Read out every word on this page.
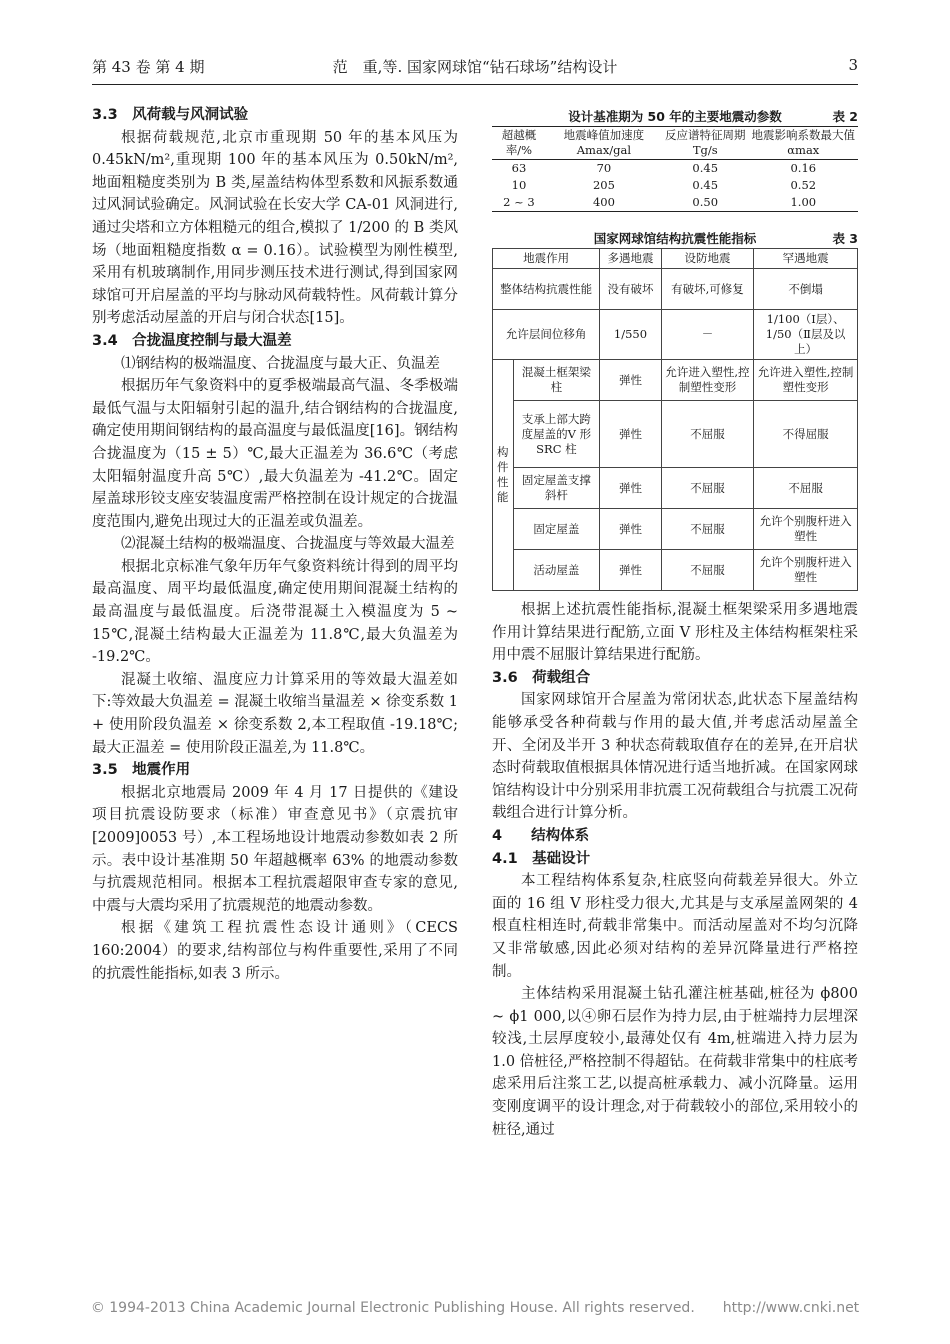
第 43 卷 第 4 期	范　重,等. 国家网球馆“钻石球场”结构设计	3
3.3　风荷载与风洞试验

根据荷载规范,北京市重现期 50 年的基本风压为 0.45kN/m²,重现期 100 年的基本风压为 0.50kN/m²,地面粗糙度类别为 B 类,屋盖结构体型系数和风振系数通过风洞试验确定。风洞试验在长安大学 CA-01 风洞进行,通过尖塔和立方体粗糙元的组合,模拟了 1/200 的 B 类风场（地面粗糙度指数 α = 0.16）。试验模型为刚性模型,采用有机玻璃制作,用同步测压技术进行测试,得到国家网球馆可开启屋盖的平均与脉动风荷载特性。风荷载计算分别考虑活动屋盖的开启与闭合状态[15]。

3.4　合拢温度控制与最大温差

⑴钢结构的极端温度、合拢温度与最大正、负温差

根据历年气象资料中的夏季极端最高气温、冬季极端最低气温与太阳辐射引起的温升,结合钢结构的合拢温度,确定使用期间钢结构的最高温度与最低温度[16]。钢结构合拢温度为（15 ± 5）℃,最大正温差为 36.6℃（考虑太阳辐射温度升高 5℃）,最大负温差为 -41.2℃。固定屋盖球形铰支座安装温度需严格控制在设计规定的合拢温度范围内,避免出现过大的正温差或负温差。

⑵混凝土结构的极端温度、合拢温度与等效最大温差

根据北京标准气象年历年气象资料统计得到的周平均最高温度、周平均最低温度,确定使用期间混凝土结构的最高温度与最低温度。后浇带混凝土入模温度为 5 ~ 15℃,混凝土结构最大正温差为 11.8℃,最大负温差为 -19.2℃。

混凝土收缩、温度应力计算采用的等效最大温差如下:等效最大负温差 = 混凝土收缩当量温差 × 徐变系数 1 + 使用阶段负温差 × 徐变系数 2,本工程取值 -19.18℃;最大正温差 = 使用阶段正温差,为 11.8℃。

3.5　地震作用

根据北京地震局 2009 年 4 月 17 日提供的《建设项目抗震设防要求（标准）审查意见书》（京震抗审[2009]0053 号）,本工程场地设计地震动参数如表 2 所示。表中设计基准期 50 年超越概率 63% 的地震动参数与抗震规范相同。根据本工程抗震超限审查专家的意见,中震与大震均采用了抗震规范的地震动参数。

根据《建筑工程抗震性态设计通则》（CECS 160:2004）的要求,结构部位与构件重要性,采用了不同的抗震性能指标,如表 3 所示。

设计基准期为 50 年的主要地震动参数	表 2
超越概率/%	地震峰值加速度 Amax/gal	反应谱特征周期 Tg/s	地震影响系数最大值 αmax
63	70	0.45	0.16
10	205	0.45	0.52
2 ~ 3	400	0.50	1.00
国家网球馆结构抗震性能指标	表 3
地震作用		多遇地震	设防地震	罕遇地震
整体结构抗震性能		没有破坏	有破坏,可修复	不倒塌
允许层间位移角		1/550	－	1/100（Ⅰ层）、1/50（Ⅱ层及以上）
构件性能	混凝土框架梁柱	弹性	允许进入塑性,控制塑性变形	允许进入塑性,控制塑性变形
	支承上部大跨度屋盖的V 形 SRC 柱	弹性	不屈服	不得屈服
	固定屋盖支撑斜杆	弹性	不屈服	不屈服
	固定屋盖	弹性	不屈服	允许个别腹杆进入塑性
	活动屋盖	弹性	不屈服	允许个别腹杆进入塑性

根据上述抗震性能指标,混凝土框架梁采用多遇地震作用计算结果进行配筋,立面 V 形柱及主体结构框架柱采用中震不屈服计算结果进行配筋。

3.6　荷载组合

国家网球馆开合屋盖为常闭状态,此状态下屋盖结构能够承受各种荷载与作用的最大值,并考虑活动屋盖全开、全闭及半开 3 种状态荷载取值存在的差异,在开启状态时荷载取值根据具体情况进行适当地折减。在国家网球馆结构设计中分别采用非抗震工况荷载组合与抗震工况荷载组合进行计算分析。

4　　结构体系
4.1　基础设计

本工程结构体系复杂,柱底竖向荷载差异很大。外立面的 16 组 V 形柱受力很大,尤其是与支承屋盖网架的 4 根直柱相连时,荷载非常集中。而活动屋盖对不均匀沉降又非常敏感,因此必须对结构的差异沉降量进行严格控制。

主体结构采用混凝土钻孔灌注桩基础,桩径为 ϕ800 ~ ϕ1 000,以④卵石层作为持力层,由于桩端持力层埋深较浅,土层厚度较小,最薄处仅有 4m,桩端进入持力层为 1.0 倍桩径,严格控制不得超钻。在荷载非常集中的柱底考虑采用后注浆工艺,以提高桩承载力、减小沉降量。运用变刚度调平的设计理念,对于荷载较小的部位,采用较小的桩径,通过

© 1994-2013 China Academic Journal Electronic Publishing House. All rights reserved.　　http://www.cnki.net
